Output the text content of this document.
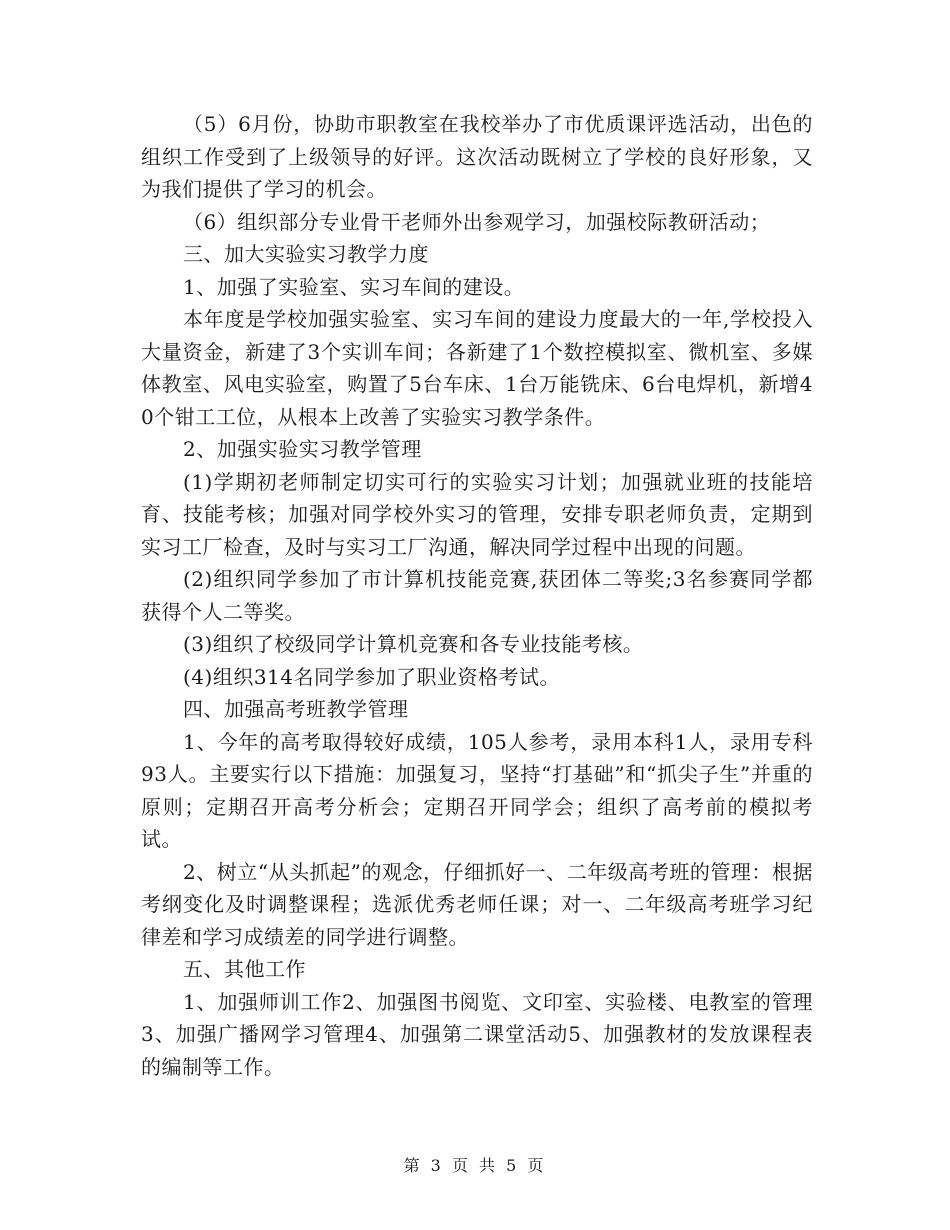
（5）6月份，协助市职教室在我校举办了市优质课评选活动，出色的组织工作受到了上级领导的好评。这次活动既树立了学校的良好形象，又为我们提供了学习的机会。

（6）组织部分专业骨干老师外出参观学习，加强校际教研活动；

三、加大实验实习教学力度

1、加强了实验室、实习车间的建设。

本年度是学校加强实验室、实习车间的建设力度最大的一年,学校投入大量资金，新建了3个实训车间；各新建了1个数控模拟室、微机室、多媒体教室、风电实验室，购置了5台车床、1台万能铣床、6台电焊机，新增40个钳工工位，从根本上改善了实验实习教学条件。

2、加强实验实习教学管理

(1)学期初老师制定切实可行的实验实习计划；加强就业班的技能培育、技能考核；加强对同学校外实习的管理，安排专职老师负责，定期到实习工厂检查，及时与实习工厂沟通，解决同学过程中出现的问题。

(2)组织同学参加了市计算机技能竞赛,获团体二等奖;3名参赛同学都获得个人二等奖。

(3)组织了校级同学计算机竞赛和各专业技能考核。

(4)组织314名同学参加了职业资格考试。

四、加强高考班教学管理

1、今年的高考取得较好成绩，105人参考，录用本科1人，录用专科93人。主要实行以下措施：加强复习，坚持“打基础”和“抓尖子生”并重的原则；定期召开高考分析会；定期召开同学会；组织了高考前的模拟考试。

2、树立“从头抓起”的观念，仔细抓好一、二年级高考班的管理：根据考纲变化及时调整课程；选派优秀老师任课；对一、二年级高考班学习纪律差和学习成绩差的同学进行调整。

五、其他工作

1、加强师训工作2、加强图书阅览、文印室、实验楼、电教室的管理3、加强广播网学习管理4、加强第二课堂活动5、加强教材的发放课程表的编制等工作。

第 3 页 共 5 页
